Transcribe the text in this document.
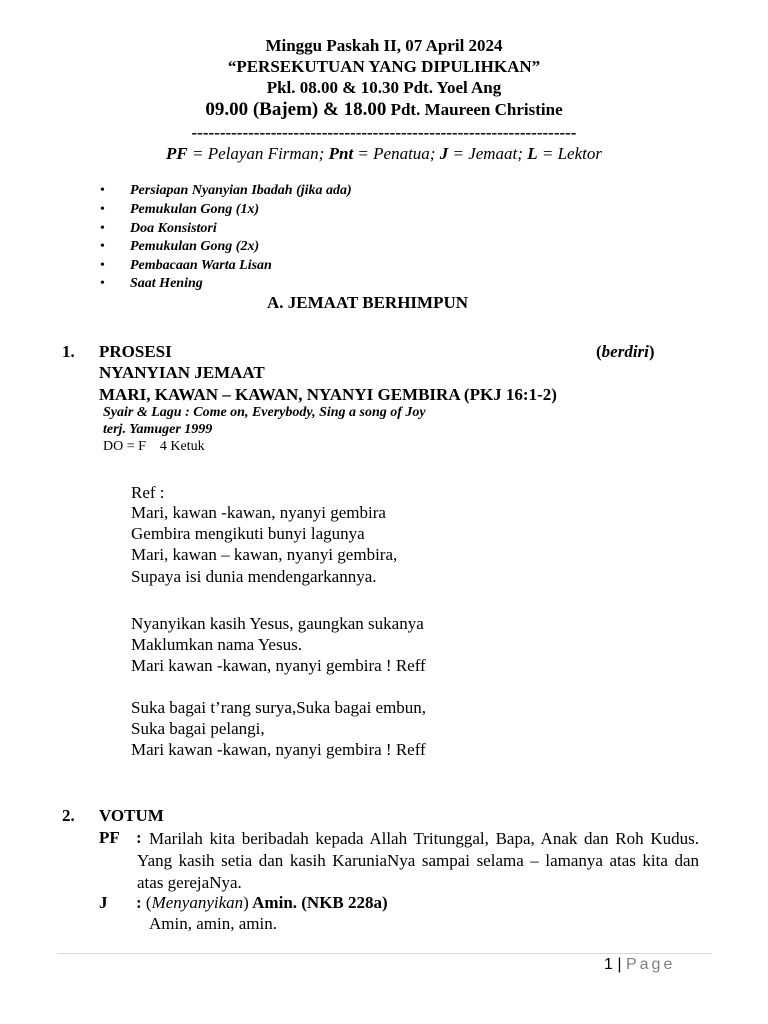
Minggu Paskah II, 07 April 2024
“PERSEKUTUAN YANG DIPULIHKAN”
Pkl. 08.00 & 10.30 Pdt. Yoel Ang
09.00 (Bajem) & 18.00 Pdt. Maureen Christine
--------------------------------------------------------------------
PF = Pelayan Firman; Pnt = Penatua; J = Jemaat; L = Lektor
• Persiapan Nyanyian Ibadah (jika ada)
• Pemukulan Gong (1x)
• Doa Konsistori
• Pemukulan Gong (2x)
• Pembacaan Warta Lisan
• Saat Hening
A. JEMAAT BERHIMPUN
1. PROSESI	(berdiri)
NYANYIAN JEMAAT
MARI, KAWAN – KAWAN, NYANYI GEMBIRA (PKJ 16:1-2)
Syair & Lagu : Come on, Everybody, Sing a song of Joy
terj. Yamuger 1999
DO = F    4 Ketuk
Ref :
Mari, kawan -kawan, nyanyi gembira
Gembira mengikuti bunyi lagunya
Mari, kawan – kawan, nyanyi gembira,
Supaya isi dunia mendengarkannya.
Nyanyikan kasih Yesus, gaungkan sukanya
Maklumkan nama Yesus.
Mari kawan -kawan, nyanyi gembira ! Reff
Suka bagai t’rang surya,Suka bagai embun,
Suka bagai pelangi,
Mari kawan -kawan, nyanyi gembira ! Reff
2. VOTUM
PF : Marilah kita beribadah kepada Allah Tritunggal, Bapa, Anak dan Roh Kudus. Yang kasih setia dan kasih KaruniaNya sampai selama – lamanya atas kita dan atas gerejaNya.
J : (Menyanyikan) Amin. (NKB 228a)
Amin, amin, amin.
1 | Page
